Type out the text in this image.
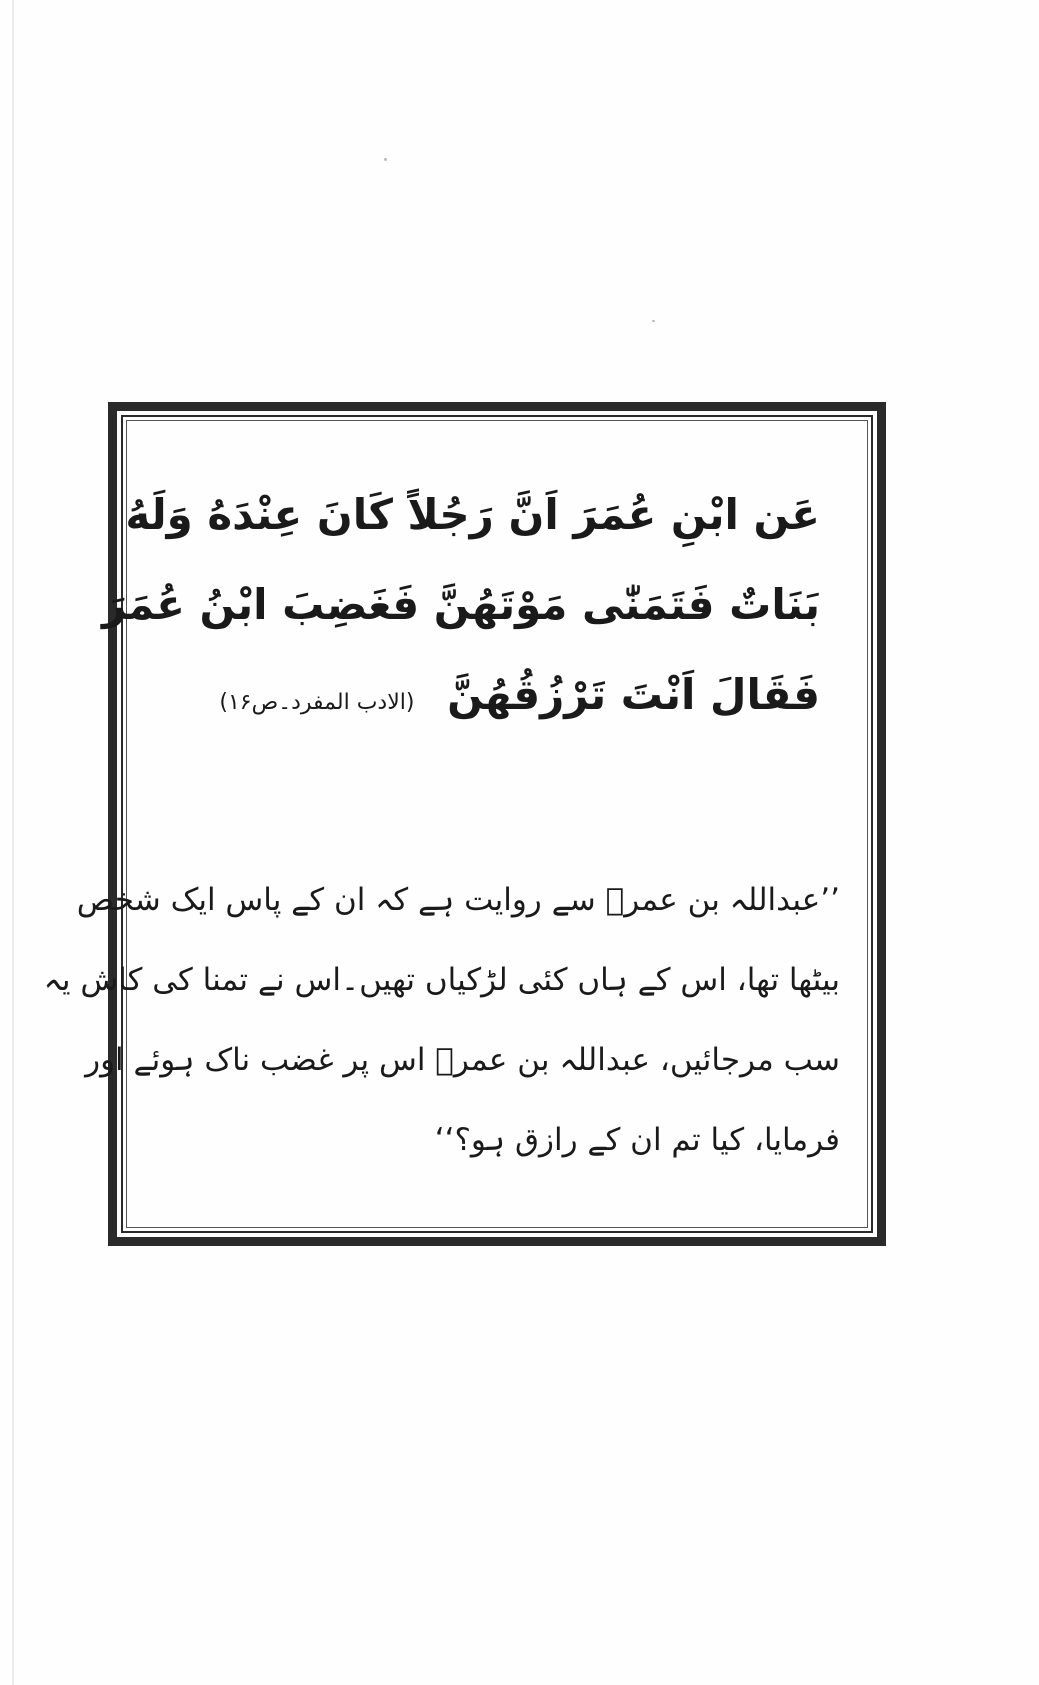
عَن ابْنِ عُمَرَ اَنَّ رَجُلاً كَانَ عِنْدَهُ وَلَهُ
بَنَاتٌ فَتَمَنّٰى مَوْتَهُنَّ فَغَضِبَ ابْنُ عُمَرَ
فَقَالَ اَنْتَ تَرْزُقُهُنَّ (الادب المفرد۔ص۱۶)
’’عبداللہ بن عمرؓ سے روایت ہے کہ ان کے پاس ایک شخص
بیٹھا تھا، اس کے ہاں کئی لڑکیاں تھیں۔اس نے تمنا کی کاش یہ
سب مرجائیں، عبداللہ بن عمرؓ اس پر غضب ناک ہوئے اور
فرمایا، کیا تم ان کے رازق ہو؟‘‘
